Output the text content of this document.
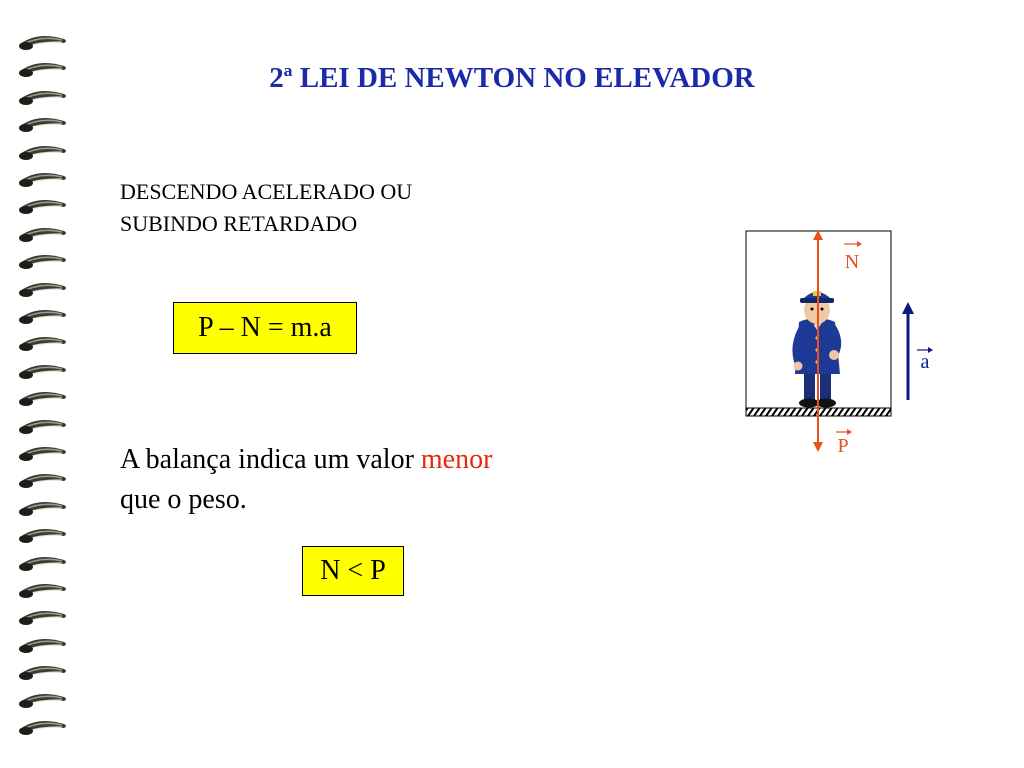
2ª LEI DE NEWTON NO ELEVADOR
DESCENDO ACELERADO OU
SUBINDO RETARDADO
P – N = m.a
A balança indica um valor menor
que o peso.
N < P
N
P
a
